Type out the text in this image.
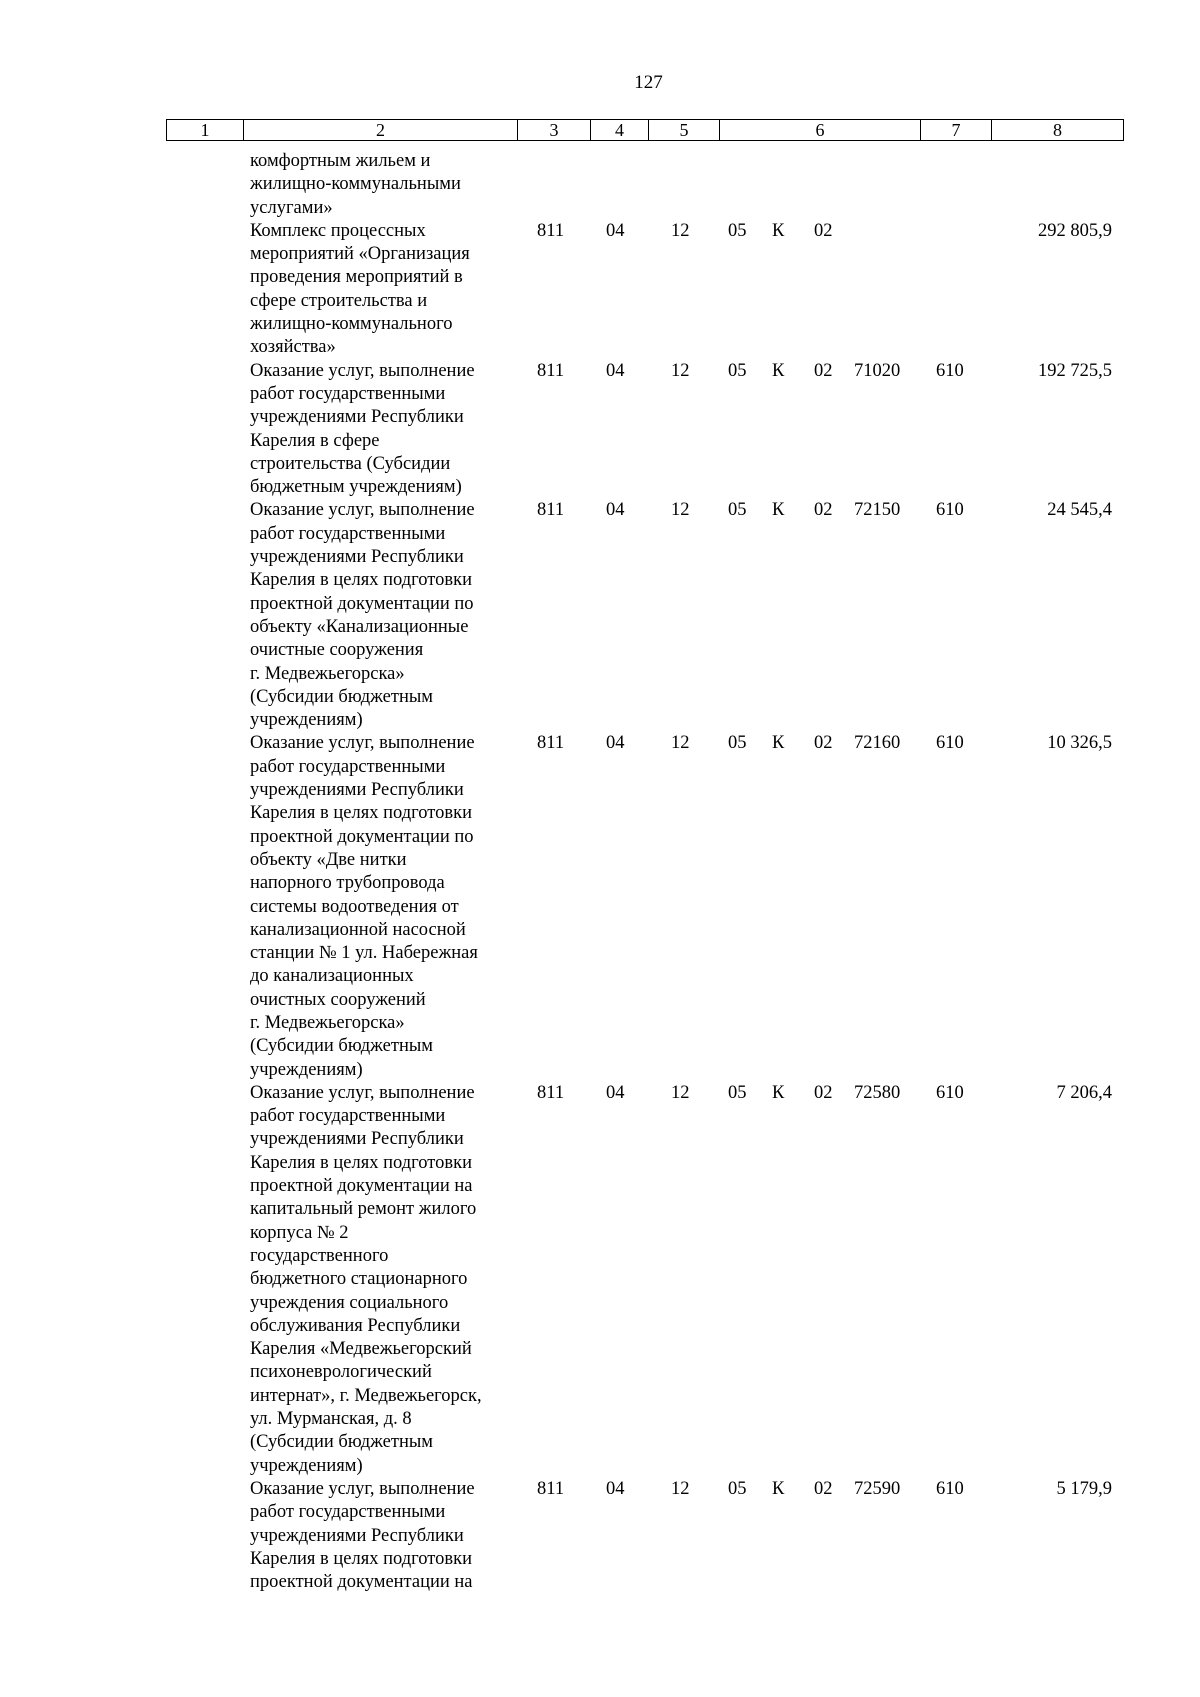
127
1	2	3	4	5	6	7	8
комфортным жильем и
жилищно-коммунальными
услугами»
Комплекс процессных
мероприятий «Организация
проведения мероприятий в
сфере строительства и
жилищно-коммунального
хозяйства»
811 04	12 05 К 02	292 805,9
Оказание услуг, выполнение
работ государственными
учреждениями Республики
Карелия в сфере
строительства (Субсидии
бюджетным учреждениям)
811 04	12 05 К 02 71020 610	192 725,5
Оказание услуг, выполнение
работ государственными
учреждениями Республики
Карелия в целях подготовки
проектной документации по
объекту «Канализационные
очистные сооружения
г. Медвежьегорска»
(Субсидии бюджетным
учреждениям)
811 04	12 05 К 02 72150 610	24 545,4
Оказание услуг, выполнение
работ государственными
учреждениями Республики
Карелия в целях подготовки
проектной документации по
объекту «Две нитки
напорного трубопровода
системы водоотведения от
канализационной насосной
станции № 1 ул. Набережная
до канализационных
очистных сооружений
г. Медвежьегорска»
(Субсидии бюджетным
учреждениям)
811 04	12 05 К 02 72160 610	10 326,5
Оказание услуг, выполнение
работ государственными
учреждениями Республики
Карелия в целях подготовки
проектной документации на
капитальный ремонт жилого
корпуса № 2
государственного
бюджетного стационарного
учреждения социального
обслуживания Республики
Карелия «Медвежьегорский
психоневрологический
интернат», г. Медвежьегорск,
ул. Мурманская, д. 8
(Субсидии бюджетным
учреждениям)
811 04	12 05 К 02 72580 610	7 206,4
Оказание услуг, выполнение
работ государственными
учреждениями Республики
Карелия в целях подготовки
проектной документации на
811 04	12 05 К 02 72590 610	5 179,9
